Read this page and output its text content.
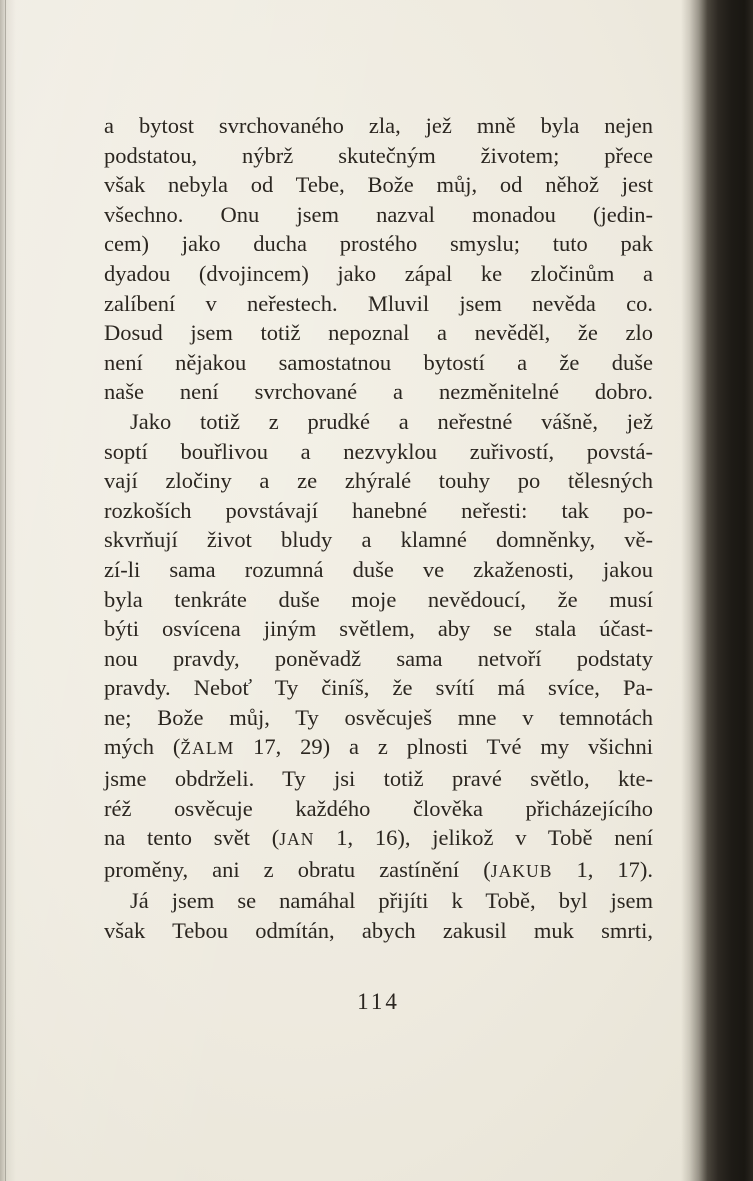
a bytost svrchovaného zla, jež mně byla nejen
podstatou, nýbrž skutečným životem; přece
však nebyla od Tebe, Bože můj, od něhož jest
všechno. Onu jsem nazval monadou (jedin-
cem) jako ducha prostého smyslu; tuto pak
dyadou (dvojincem) jako zápal ke zločinům a
zalíbení v neřestech. Mluvil jsem nevěda co.
Dosud jsem totiž nepoznal a nevěděl, že zlo
není nějakou samostatnou bytostí a že duše
naše není svrchované a nezměnitelné dobro.
Jako totiž z prudké a neřestné vášně, jež
soptí bouřlivou a nezvyklou zuřivostí, povstá-
vají zločiny a ze zhýralé touhy po tělesných
rozkoších povstávají hanebné neřesti: tak po-
skvrňují život bludy a klamné domněnky, vě-
zí-li sama rozumná duše ve zkaženosti, jakou
byla tenkráte duše moje nevědoucí, že musí
býti osvícena jiným světlem, aby se stala účast-
nou pravdy, poněvadž sama netvoří podstaty
pravdy. Neboť Ty činíš, že svítí má svíce, Pa-
ne; Bože můj, Ty osvěcuješ mne v temnotách
mých (ŽALM 17, 29) a z plnosti Tvé my všichni
jsme obdrželi. Ty jsi totiž pravé světlo, kte-
réž osvěcuje každého člověka přicházejícího
na tento svět (JAN 1, 16), jelikož v Tobě není
proměny, ani z obratu zastínění (JAKUB 1, 17).
Já jsem se namáhal přijíti k Tobě, byl jsem
však Tebou odmítán, abych zakusil muk smrti,
114
